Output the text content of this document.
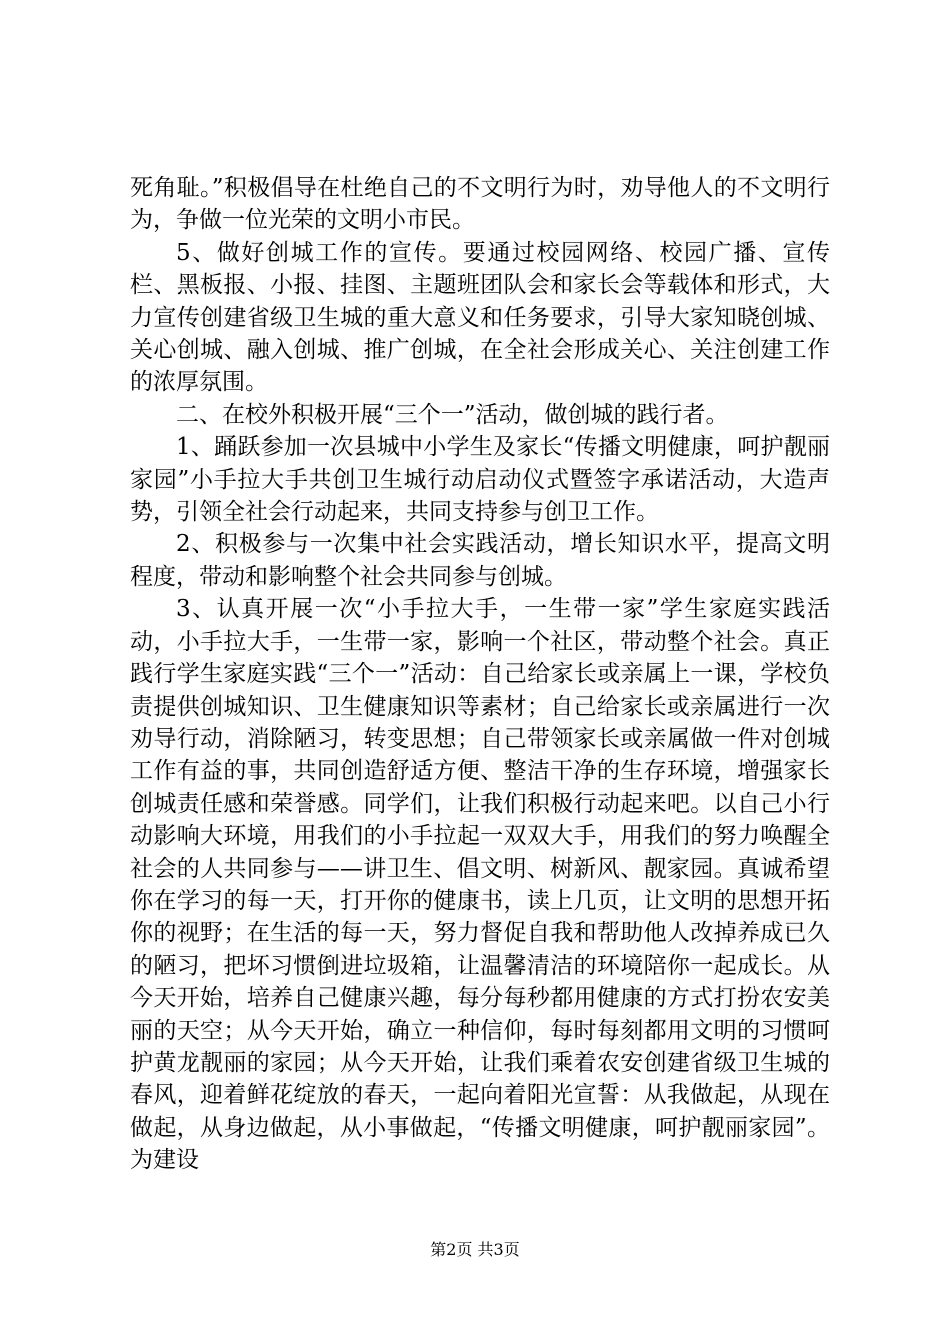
死角耻。”积极倡导在杜绝自己的不文明行为时，劝导他人的不文明行为，争做一位光荣的文明小市民。

5、做好创城工作的宣传。要通过校园网络、校园广播、宣传栏、黑板报、小报、挂图、主题班团队会和家长会等载体和形式，大力宣传创建省级卫生城的重大意义和任务要求，引导大家知晓创城、关心创城、融入创城、推广创城，在全社会形成关心、关注创建工作的浓厚氛围。

二、在校外积极开展“三个一”活动，做创城的践行者。

1、踊跃参加一次县城中小学生及家长“传播文明健康，呵护靓丽家园”小手拉大手共创卫生城行动启动仪式暨签字承诺活动，大造声势，引领全社会行动起来，共同支持参与创卫工作。

2、积极参与一次集中社会实践活动，增长知识水平，提高文明程度，带动和影响整个社会共同参与创城。

3、认真开展一次“小手拉大手，一生带一家”学生家庭实践活动，小手拉大手，一生带一家，影响一个社区，带动整个社会。真正践行学生家庭实践“三个一”活动：自己给家长或亲属上一课，学校负责提供创城知识、卫生健康知识等素材；自己给家长或亲属进行一次劝导行动，消除陋习，转变思想；自己带领家长或亲属做一件对创城工作有益的事，共同创造舒适方便、整洁干净的生存环境，增强家长创城责任感和荣誉感。同学们，让我们积极行动起来吧。以自己小行动影响大环境，用我们的小手拉起一双双大手，用我们的努力唤醒全社会的人共同参与——讲卫生、倡文明、树新风、靓家园。真诚希望你在学习的每一天，打开你的健康书，读上几页，让文明的思想开拓你的视野；在生活的每一天，努力督促自我和帮助他人改掉养成已久的陋习，把坏习惯倒进垃圾箱，让温馨清洁的环境陪你一起成长。从今天开始，培养自己健康兴趣，每分每秒都用健康的方式打扮农安美丽的天空；从今天开始，确立一种信仰，每时每刻都用文明的习惯呵护黄龙靓丽的家园；从今天开始，让我们乘着农安创建省级卫生城的春风，迎着鲜花绽放的春天，一起向着阳光宣誓：从我做起，从现在做起，从身边做起，从小事做起，“传播文明健康，呵护靓丽家园”。为建设

第2页 共3页
